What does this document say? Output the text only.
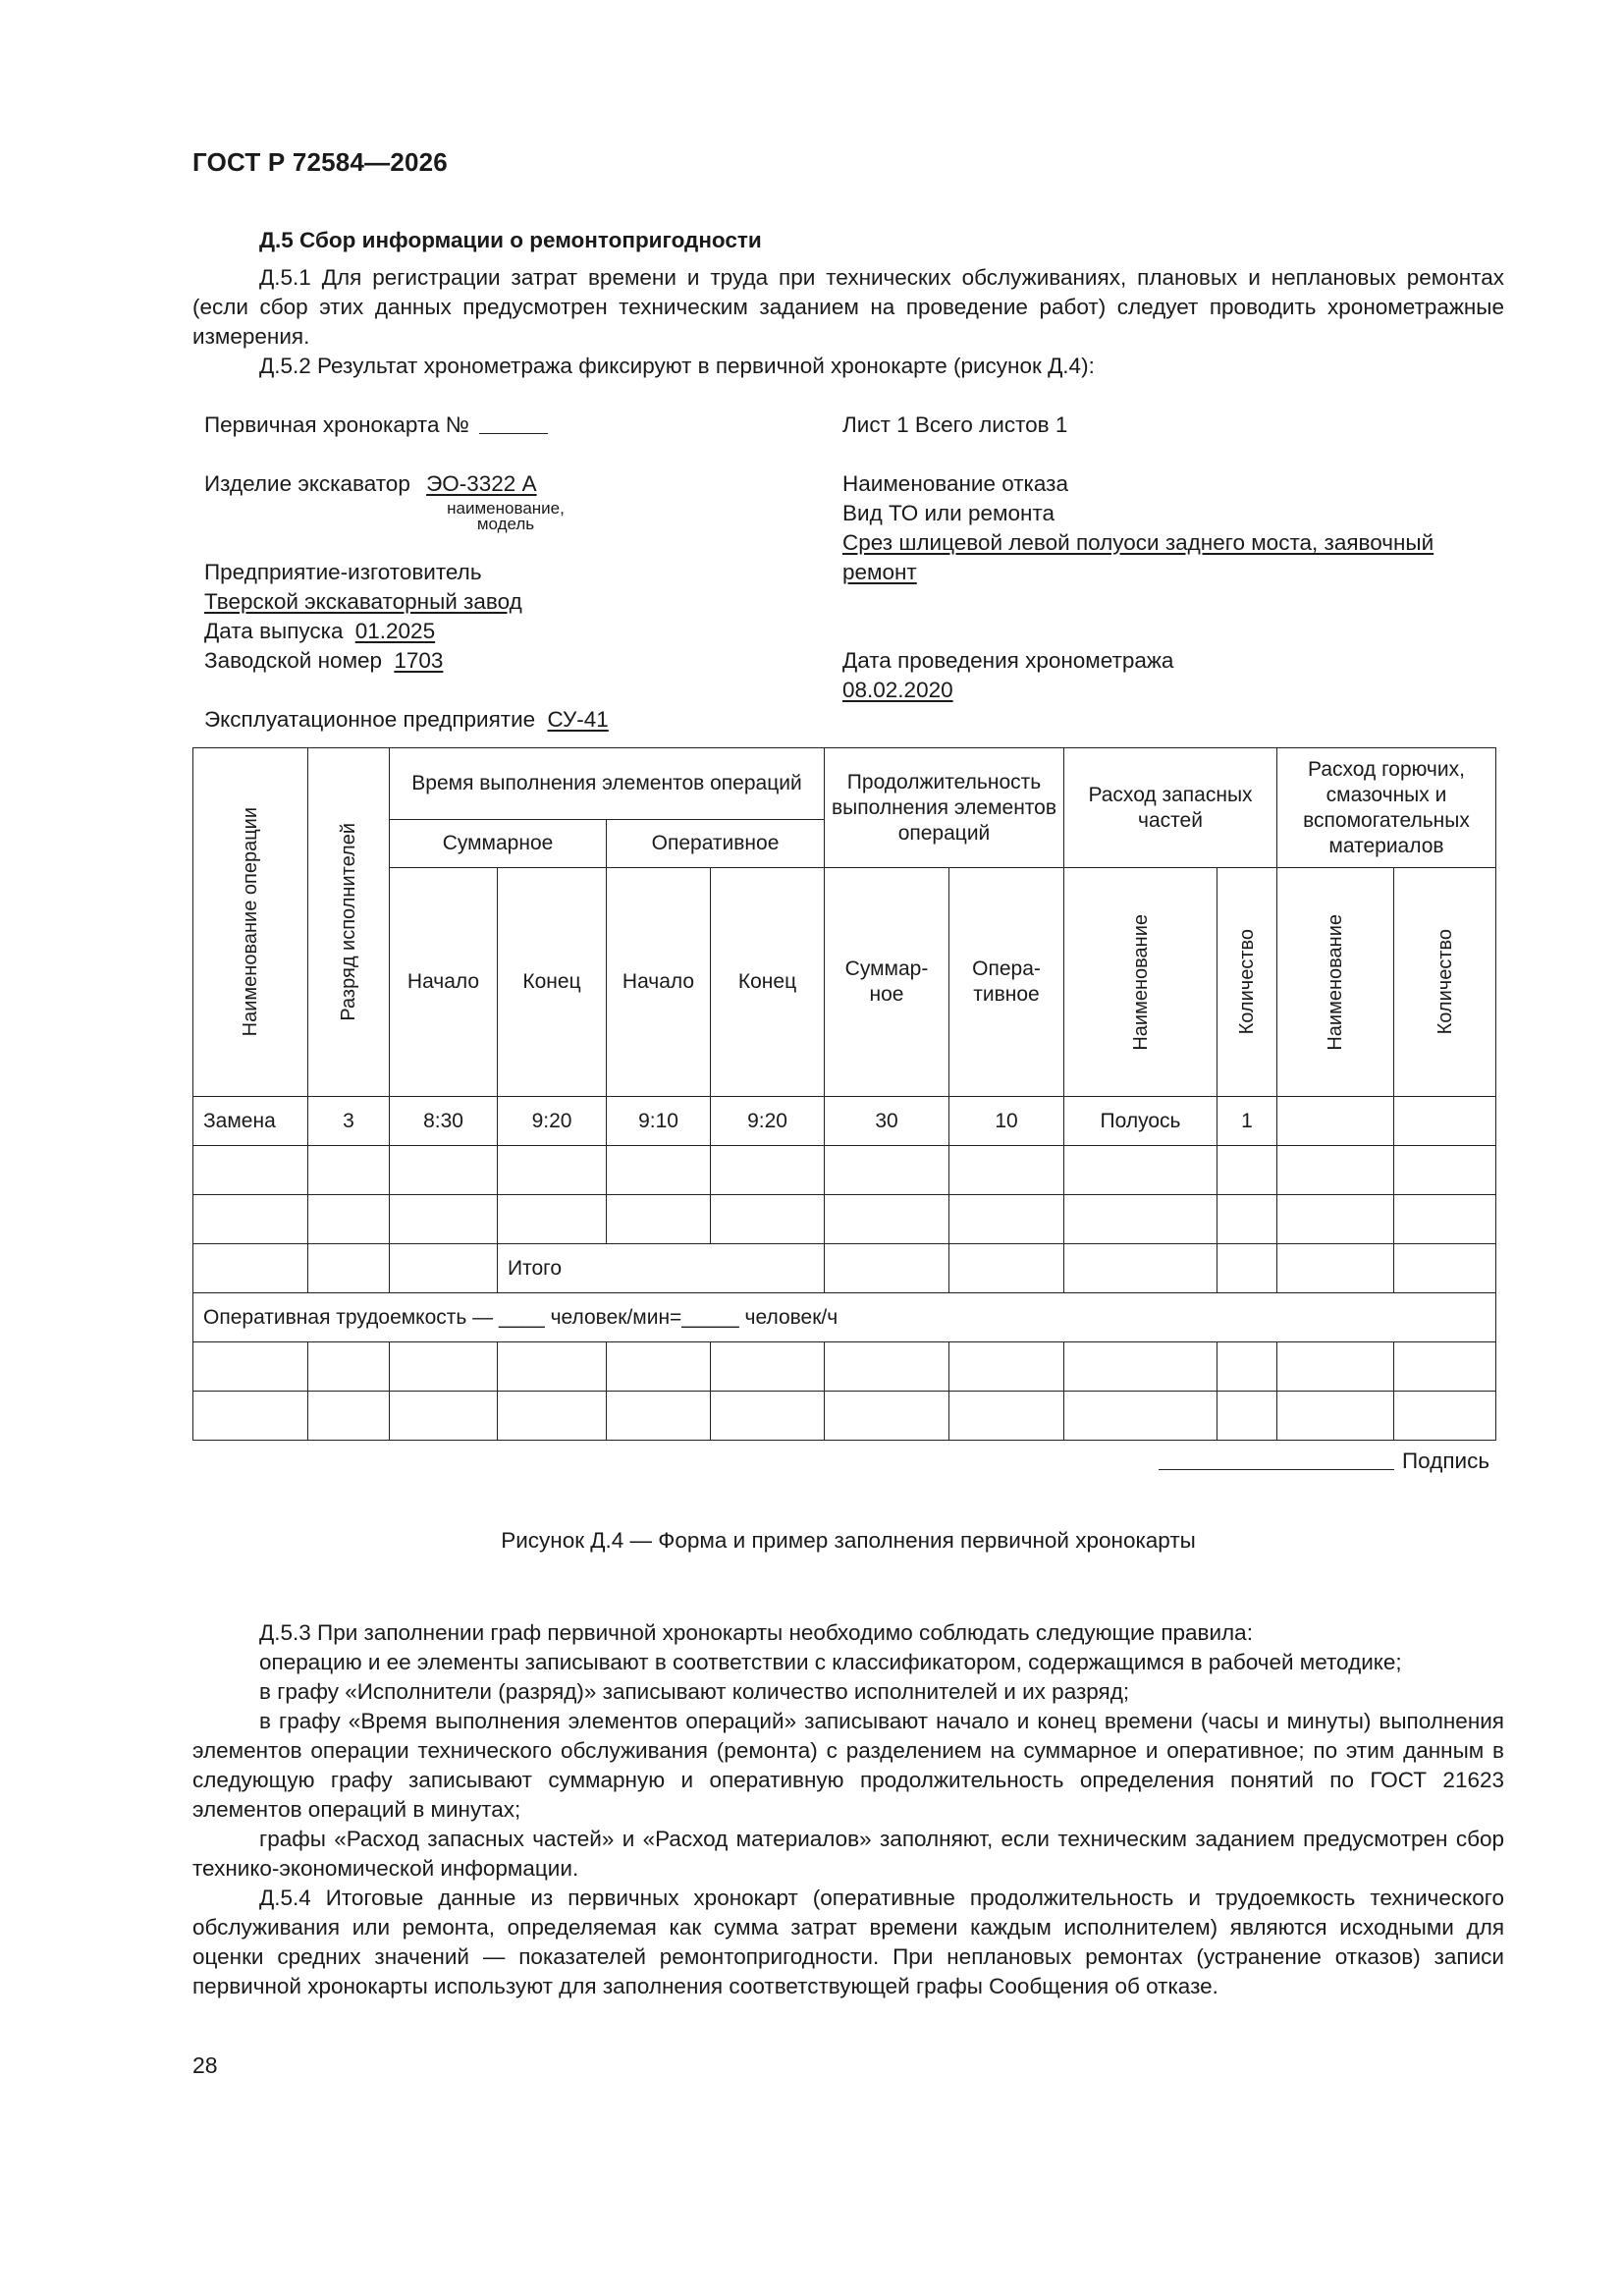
ГОСТ Р 72584—2026
Д.5 Сбор информации о ремонтопригодности
Д.5.1 Для регистрации затрат времени и труда при технических обслуживаниях, плановых и неплановых ремонтах (если сбор этих данных предусмотрен техническим заданием на проведение работ) следует проводить хронометражные измерения.
Д.5.2 Результат хронометража фиксируют в первичной хронокарте (рисунок Д.4):
Первичная хронокарта №	Лист 1 Всего листов 1
Изделие экскаватор ЭО-3322 А
наименование,
модель
Наименование отказа
Вид ТО или ремонта
Срез шлицевой левой полуоси заднего моста, заявочный
ремонт
Предприятие-изготовитель
Тверской экскаваторный завод
Дата выпуска 01.2025
Заводской номер 1703	Дата проведения хронометража
08.02.2020
Эксплуатационное предприятие СУ-41
Наименование операции	Разряд исполнителей
Время выполнения элементов операций
Суммарное	Оперативное
Начало	Конец	Начало	Конец
Продолжительность выполнения элементов операций
Суммар-ное
Опера-тивное
Расход запасных частей
Наименование	Количество
Расход горючих, смазочных и вспомогательных материалов
Наименование	Количество
Замена	3	8:30	9:20	9:10	9:20	30	10	Полуось	1
Итого
Оперативная трудоемкость — ____ человек/мин=_____ человек/ч
Подпись
Рисунок Д.4 — Форма и пример заполнения первичной хронокарты
Д.5.3 При заполнении граф первичной хронокарты необходимо соблюдать следующие правила:
операцию и ее элементы записывают в соответствии с классификатором, содержащимся в рабочей методике;
в графу «Исполнители (разряд)» записывают количество исполнителей и их разряд;
в графу «Время выполнения элементов операций» записывают начало и конец времени (часы и минуты) выполнения элементов операции технического обслуживания (ремонта) с разделением на суммарное и оперативное; по этим данным в следующую графу записывают суммарную и оперативную продолжительность определения понятий по ГОСТ 21623 элементов операций в минутах;
графы «Расход запасных частей» и «Расход материалов» заполняют, если техническим заданием предусмотрен сбор технико-экономической информации.
Д.5.4 Итоговые данные из первичных хронокарт (оперативные продолжительность и трудоемкость технического обслуживания или ремонта, определяемая как сумма затрат времени каждым исполнителем) являются исходными для оценки средних значений — показателей ремонтопригодности. При неплановых ремонтах (устранение отказов) записи первичной хронокарты используют для заполнения соответствующей графы Сообщения об отказе.
28
